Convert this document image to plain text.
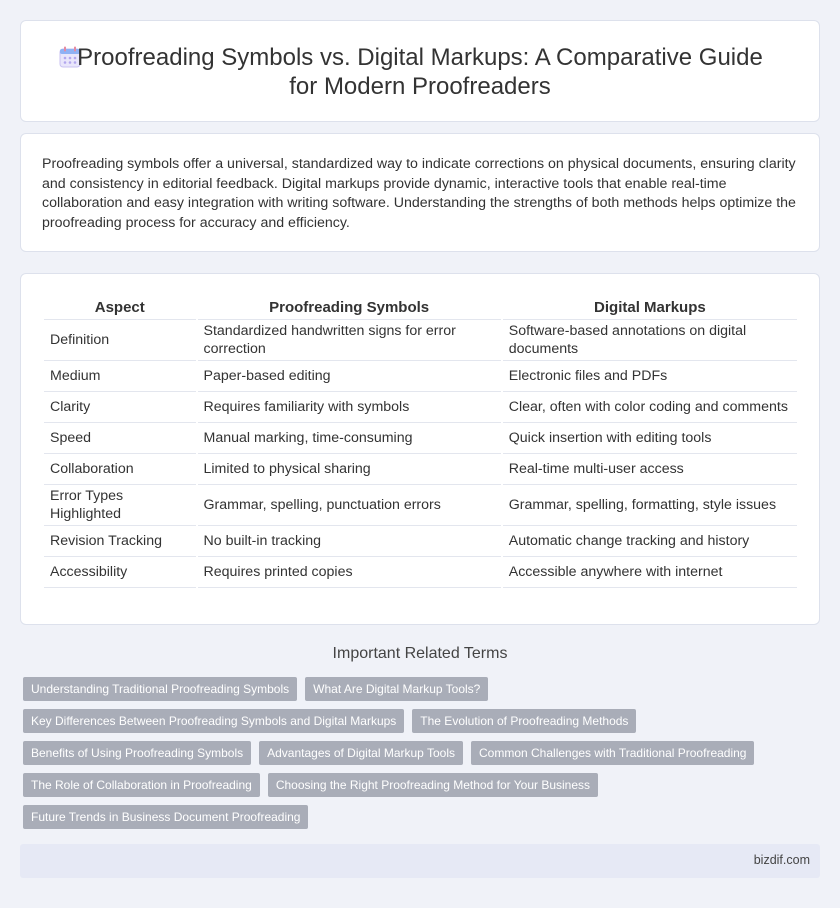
Proofreading Symbols vs. Digital Markups: A Comparative Guide
for Modern Proofreaders

Proofreading symbols offer a universal, standardized way to indicate corrections on physical documents, ensuring clarity and consistency in editorial feedback. Digital markups provide dynamic, interactive tools that enable real-time collaboration and easy integration with writing software. Understanding the strengths of both methods helps optimize the proofreading process for accuracy and efficiency.

Aspect	Proofreading Symbols	Digital Markups
Definition	Standardized handwritten signs for error correction	Software-based annotations on digital documents
Medium	Paper-based editing	Electronic files and PDFs
Clarity	Requires familiarity with symbols	Clear, often with color coding and comments
Speed	Manual marking, time-consuming	Quick insertion with editing tools
Collaboration	Limited to physical sharing	Real-time multi-user access
Error Types Highlighted	Grammar, spelling, punctuation errors	Grammar, spelling, formatting, style issues
Revision Tracking	No built-in tracking	Automatic change tracking and history
Accessibility	Requires printed copies	Accessible anywhere with internet
Important Related Terms
Understanding Traditional Proofreading Symbols	What Are Digital Markup Tools?
Key Differences Between Proofreading Symbols and Digital Markups	The Evolution of Proofreading Methods
Benefits of Using Proofreading Symbols	Advantages of Digital Markup Tools	Common Challenges with Traditional Proofreading
The Role of Collaboration in Proofreading	Choosing the Right Proofreading Method for Your Business
Future Trends in Business Document Proofreading
bizdif.com
